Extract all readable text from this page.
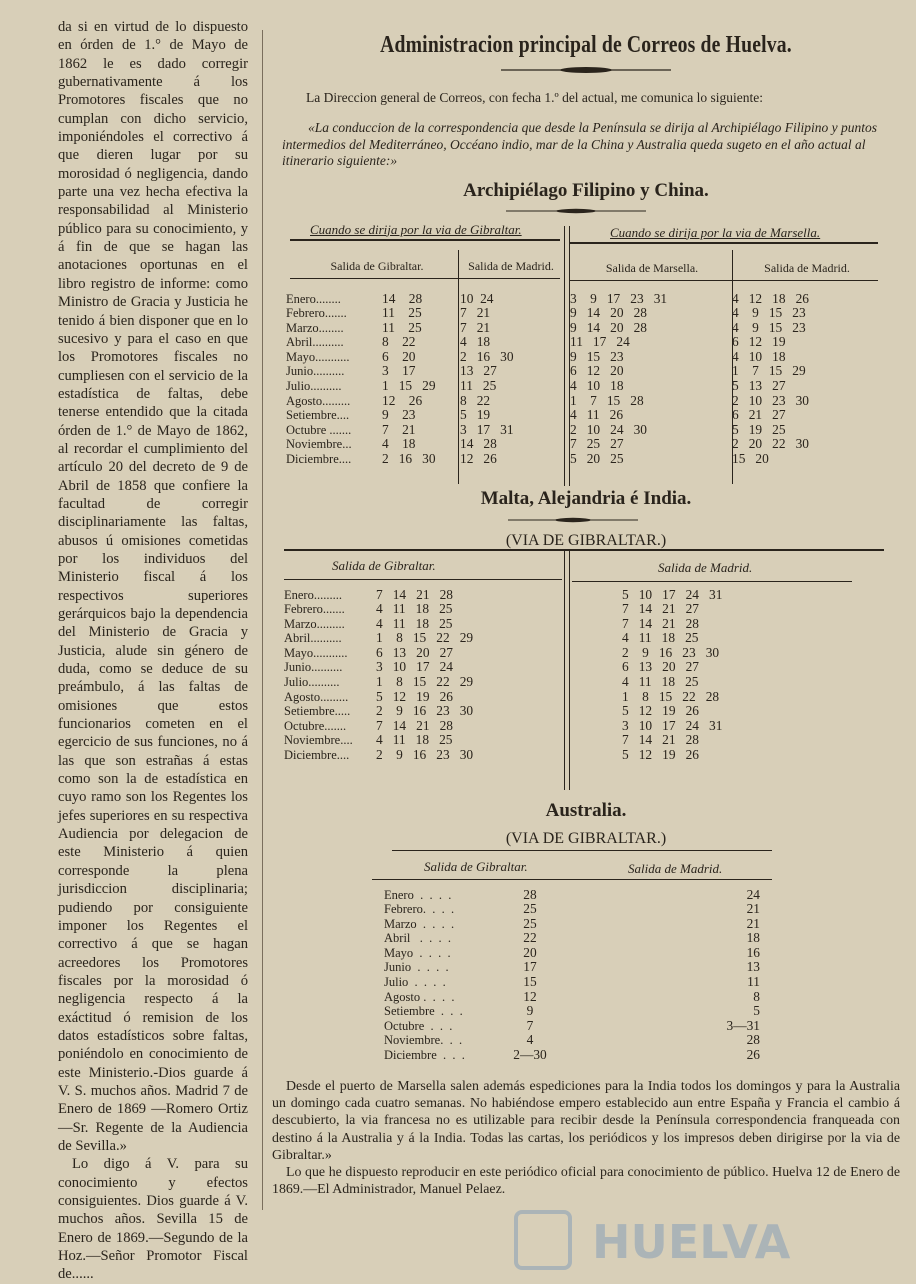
da si en virtud de lo dispuesto en órden de 1.° de Mayo de 1862 le es dado corregir gubernativamente á los Promotores fiscales que no cumplan con dicho servicio, imponiéndoles el correctivo á que dieren lugar por su morosidad ó negligencia, dando parte una vez hecha efectiva la responsabilidad al Ministerio público para su conocimiento, y á fin de que se hagan las anotaciones oportunas en el libro registro de informe: como Ministro de Gracia y Justicia he tenido á bien disponer que en lo sucesivo y para el caso en que los Promotores fiscales no cumpliesen con el servicio de la estadística de faltas, debe tenerse entendido que la citada órden de 1.° de Mayo de 1862, al recordar el cumplimiento del artículo 20 del decreto de 9 de Abril de 1858 que confiere la facultad de corregir disciplinariamente las faltas, abusos ú omisiones cometidas por los individuos del Ministerio fiscal á los respectivos superiores gerárquicos bajo la dependencia del Ministerio de Gracia y Justicia, alude sin género de duda, como se deduce de su preámbulo, á las faltas de omisiones que estos funcionarios cometen en el egercicio de sus funciones, no á las que son estrañas á estas como son la de estadística en cuyo ramo son los Regentes los jefes superiores en su respectiva Audiencia por delegacion de este Ministerio á quien corresponde la plena jurisdiccion disciplinaria; pudiendo por consiguiente imponer los Regentes el correctivo á que se hagan acreedores los Promotores fiscales por la morosidad ó negligencia respecto á la exáctitud ó remision de los datos estadísticos sobre faltas, poniéndolo en conocimiento de este Ministerio.-Dios guarde á V. S. muchos años. Madrid 7 de Enero de 1869 —Romero Ortiz —Sr. Regente de la Audiencia de Sevilla.»

Lo digo á V. para su conocimiento y efectos consiguientes. Dios guarde á V. muchos años. Sevilla 15 de Enero de 1869.—Segundo de la Hoz.—Señor Promotor Fiscal de......

Administracion principal de Correos de Huelva.

La Direccion general de Correos, con fecha 1.º del actual, me comunica lo siguiente:

«La conduccion de la correspondencia que desde la Península se dirija al Archipiélago Filipino y puntos intermedios del Mediterráneo, Occéano indio, mar de la China y Australia queda sugeto en el año actual al itinerario siguiente:»

Archipiélago Filipino y China.
Cuando se dirija por la via de Gibraltar.	Cuando se dirija por la via de Marsella.
Salida de Gibraltar.	Salida de Madrid.	Salida de Marsella.	Salida de Madrid.
Enero........	14    28	10  24	3    9   17   23   31	4   12   18   26
Febrero.......	11    25	7   21	9   14   20   28	4    9   15   23
Marzo........	11    25	7   21	9   14   20   28	4    9   15   23
Abril..........	8    22	4   18	11   17   24	6   12   19
Mayo...........	6    20	2   16   30	9   15   23	4   10   18
Junio..........	3    17	13   27	6   12   20	1    7   15   29
Julio..........	1   15   29	11   25	4   10   18	5   13   27
Agosto.........	12    26	8   22	1    7   15   28	2   10   23   30
Setiembre....	9    23	5   19	4   11   26	6   21   27
Octubre .......	7    21	3   17   31	2   10   24   30	5   19   25
Noviembre...	4    18	14   28	7   25   27	2   20   22   30
Diciembre....	2   16   30	12   26	5   20   25	15   20
Malta, Alejandria é India.
(VIA DE GIBRALTAR.)
Salida de Gibraltar.	Salida de Madrid.
Enero.........	7   14   21   28	5   10   17   24   31
Febrero.......	4   11   18   25	7   14   21   27
Marzo.........	4   11   18   25	7   14   21   28
Abril..........	1    8   15   22   29	4   11   18   25
Mayo...........	6   13   20   27	2    9   16   23   30
Junio..........	3   10   17   24	6   13   20   27
Julio..........	1    8   15   22   29	4   11   18   25
Agosto.........	5   12   19   26	1    8   15   22   28
Setiembre.....	2    9   16   23   30	5   12   19   26
Octubre.......	7   14   21   28	3   10   17   24   31
Noviembre....	4   11   18   25	7   14   21   28
Diciembre....	2    9   16   23   30	5   12   19   26
Australia.
(VIA DE GIBRALTAR.)
Salida de Gibraltar.	Salida de Madrid.
Enero  .  .  .  .	28	24
Febrero.  .  .  .	25	21
Marzo  .  .  .  .	25	21
Abril   .  .  .  .	22	18
Mayo  .  .  .  .	20	16
Junio  .  .  .  .	17	13
Julio  .  .  .  .	15	11
Agosto .  .  .  .	12	8
Setiembre  .  .  .	9	5
Octubre  .  .  .	7	3—31
Noviembre.  .  .	4	28
Diciembre  .  .  .	2—30	26

Desde el puerto de Marsella salen además espediciones para la India todos los domingos y para la Australia un domingo cada cuatro semanas. No habiéndose empero establecido aun entre España y Francia el cambio á descubierto, la via francesa no es utilizable para recibir desde la Península correspondencia franqueada con destino á la Australia y á la India. Todas las cartas, los periódicos y los impresos deben dirigirse por la via de Gibraltar.»

Lo que he dispuesto reproducir en este periódico oficial para conocimiento de público. Huelva 12 de Enero de 1869.—El Administrador, Manuel Pelaez.

HUELVA
